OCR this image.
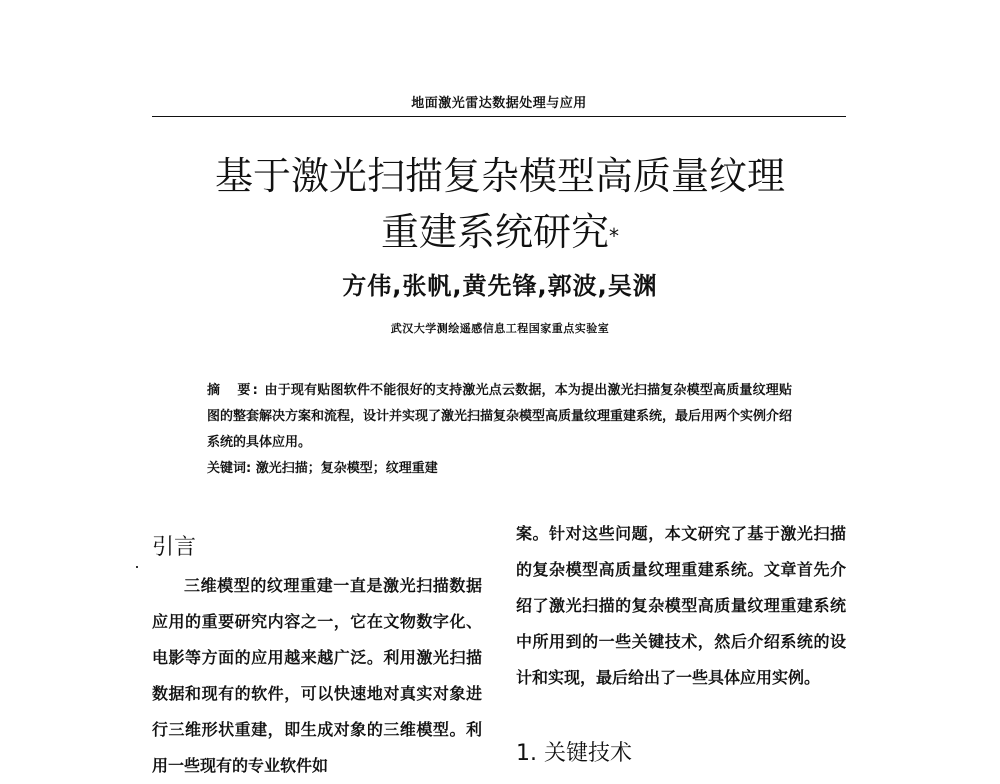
地面激光雷达数据处理与应用
基于激光扫描复杂模型高质量纹理
重建系统研究*
方伟,张帆,黄先锋,郭波,吴渊
武汉大学测绘遥感信息工程国家重点实验室
摘　要: 由于现有贴图软件不能很好的支持激光点云数据，本为提出激光扫描复杂模型高质量纹理贴图的整套解决方案和流程，设计并实现了激光扫描复杂模型高质量纹理重建系统，最后用两个实例介绍系统的具体应用。
关键词: 激光扫描；复杂模型；纹理重建
引言
三维模型的纹理重建一直是激光扫描数据应用的重要研究内容之一，它在文物数字化、电影等方面的应用越来越广泛。利用激光扫描数据和现有的软件，可以快速地对真实对象进行三维形状重建，即生成对象的三维模型。利用一些现有的专业软件如
案。针对这些问题，本文研究了基于激光扫描的复杂模型高质量纹理重建系统。文章首先介绍了激光扫描的复杂模型高质量纹理重建系统中所用到的一些关键技术，然后介绍系统的设计和实现，最后给出了一些具体应用实例。
1. 关键技术
